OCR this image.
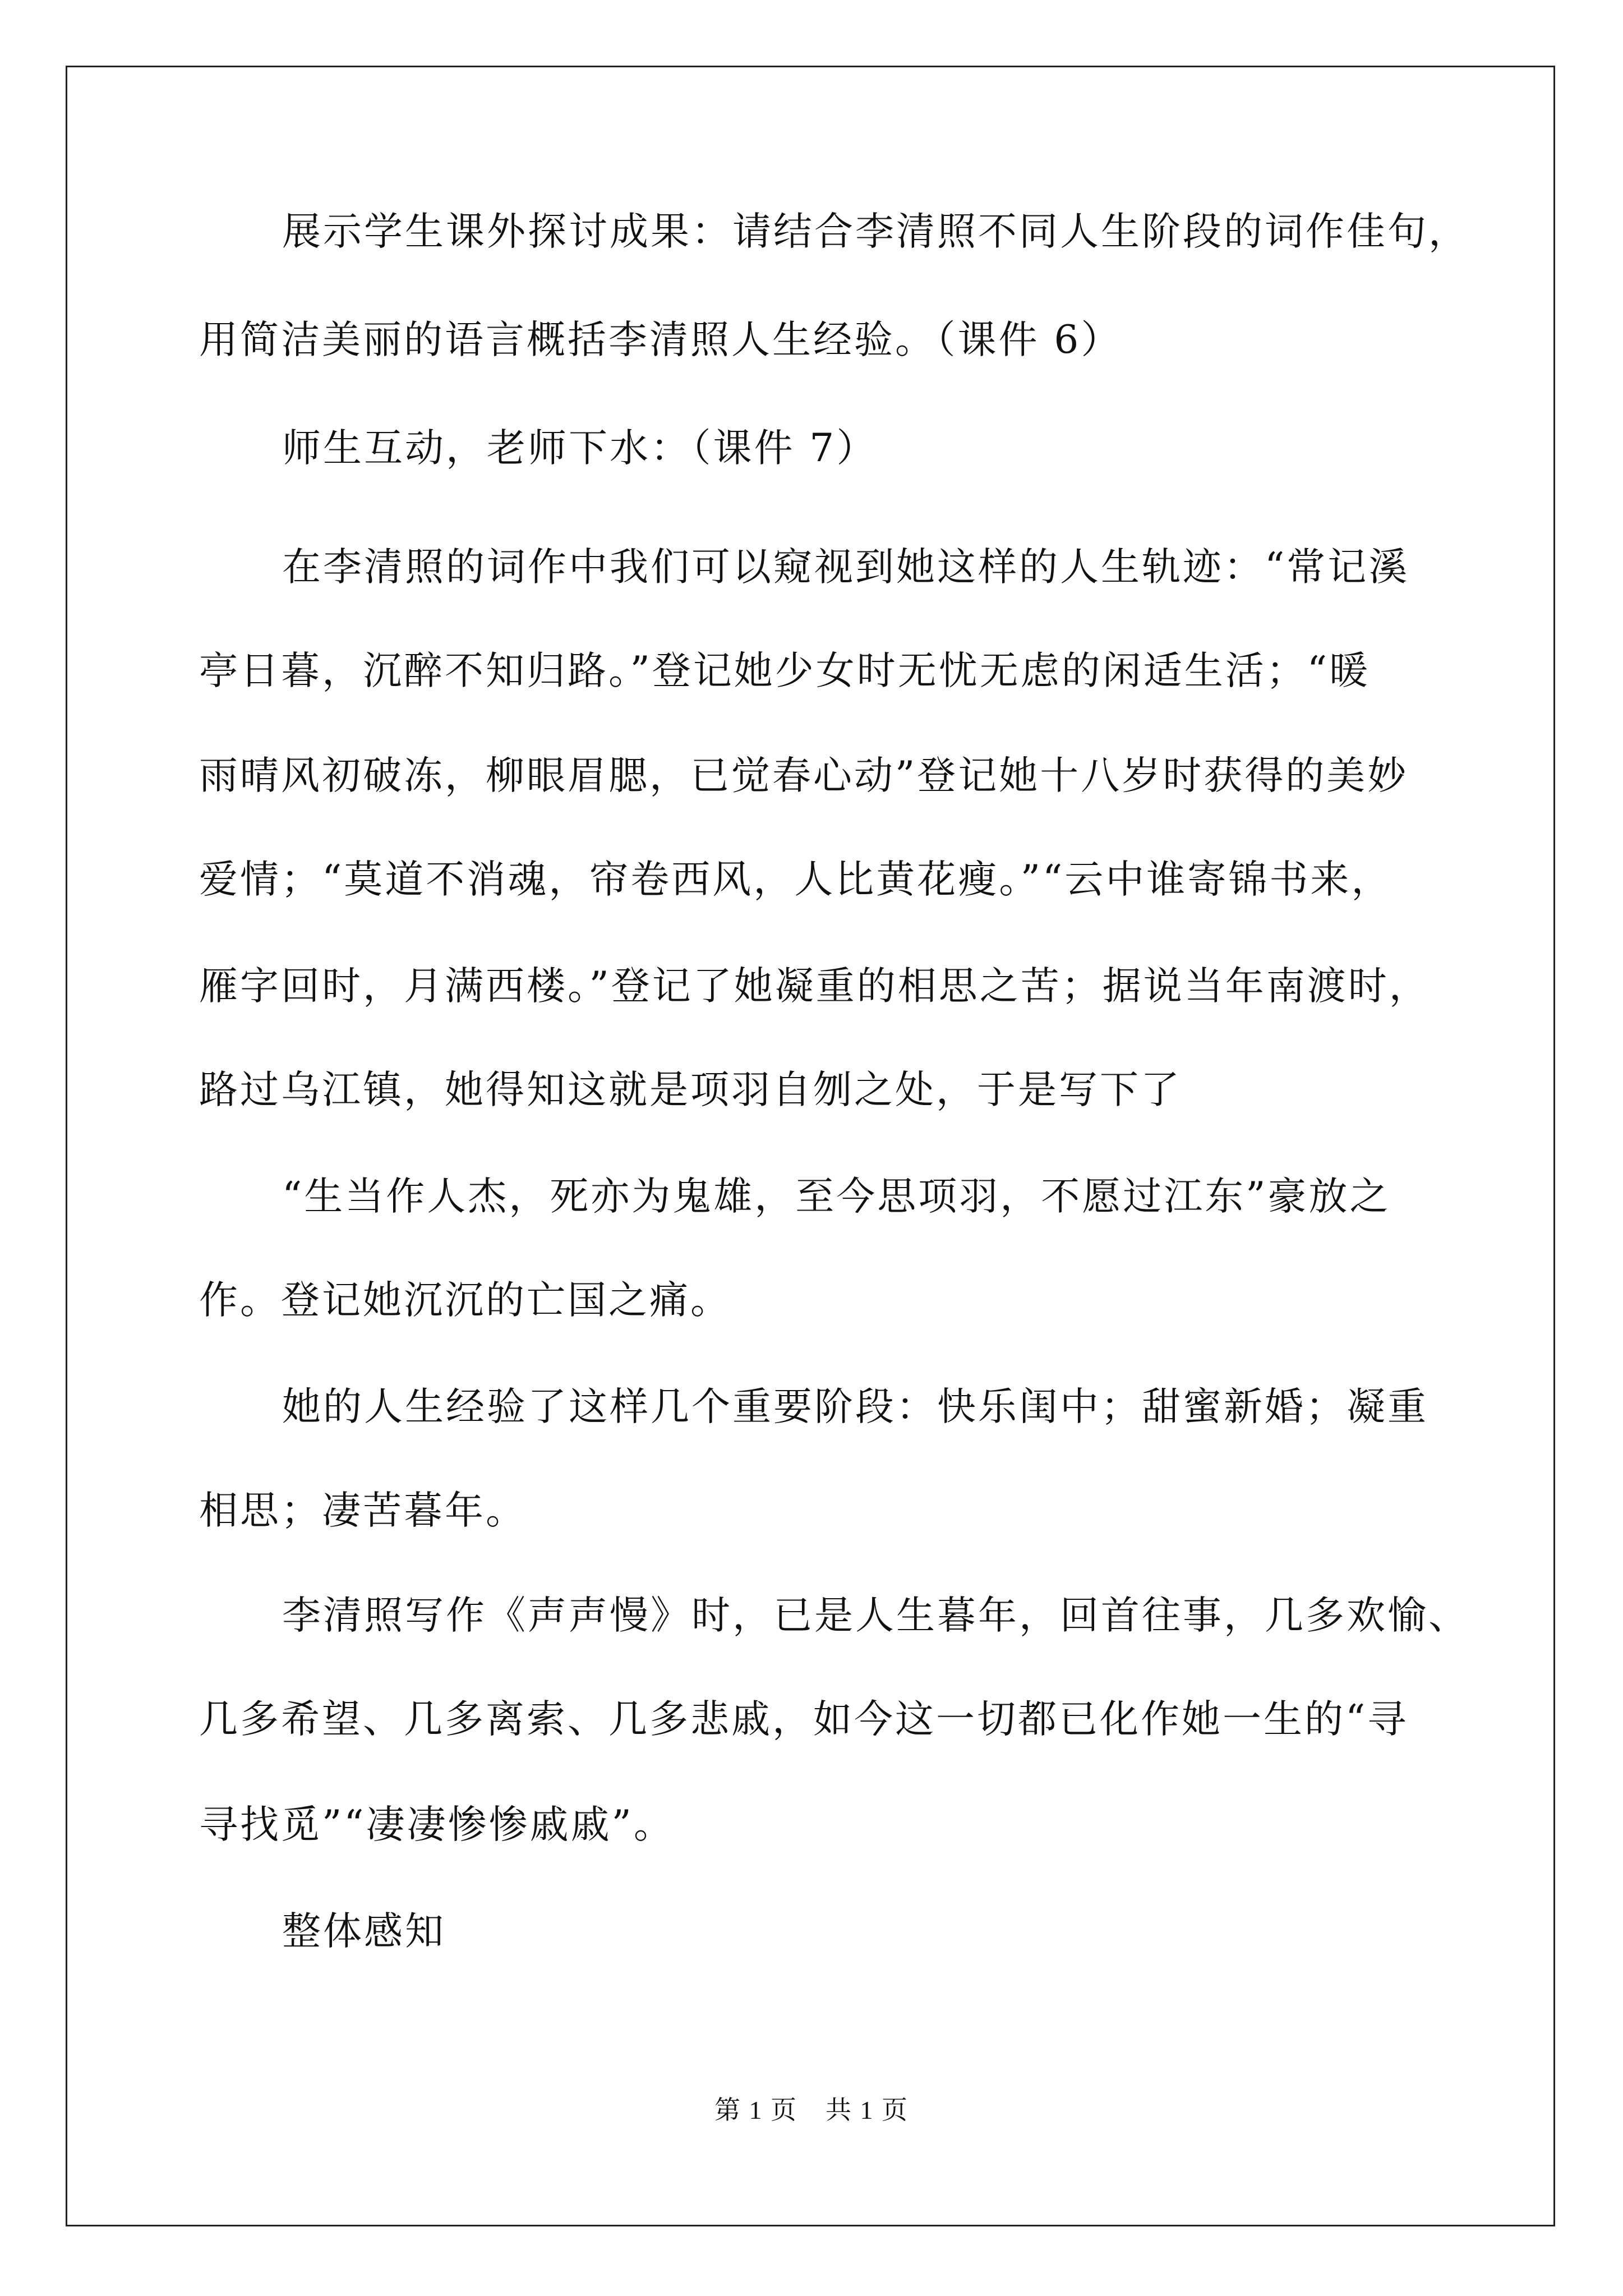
展示学生课外探讨成果：请结合李清照不同人生阶段的词作佳句，
用简洁美丽的语言概括李清照人生经验。（课件 6）
师生互动，老师下水：（课件 7）
在李清照的词作中我们可以窥视到她这样的人生轨迹：“常记溪
亭日暮，沉醉不知归路。”登记她少女时无忧无虑的闲适生活；“暖
雨晴风初破冻，柳眼眉腮，已觉春心动”登记她十八岁时获得的美妙
爱情；“莫道不消魂，帘卷西风，人比黄花瘦。”“云中谁寄锦书来，
雁字回时，月满西楼。”登记了她凝重的相思之苦；据说当年南渡时，
路过乌江镇，她得知这就是项羽自刎之处，于是写下了
“生当作人杰，死亦为鬼雄，至今思项羽，不愿过江东”豪放之
作。登记她沉沉的亡国之痛。
她的人生经验了这样几个重要阶段：快乐闺中；甜蜜新婚；凝重
相思；凄苦暮年。
李清照写作《声声慢》时，已是人生暮年，回首往事，几多欢愉、
几多希望、几多离索、几多悲戚，如今这一切都已化作她一生的“寻
寻找觅”“凄凄惨惨戚戚”。
整体感知
第 1 页 共 1 页
